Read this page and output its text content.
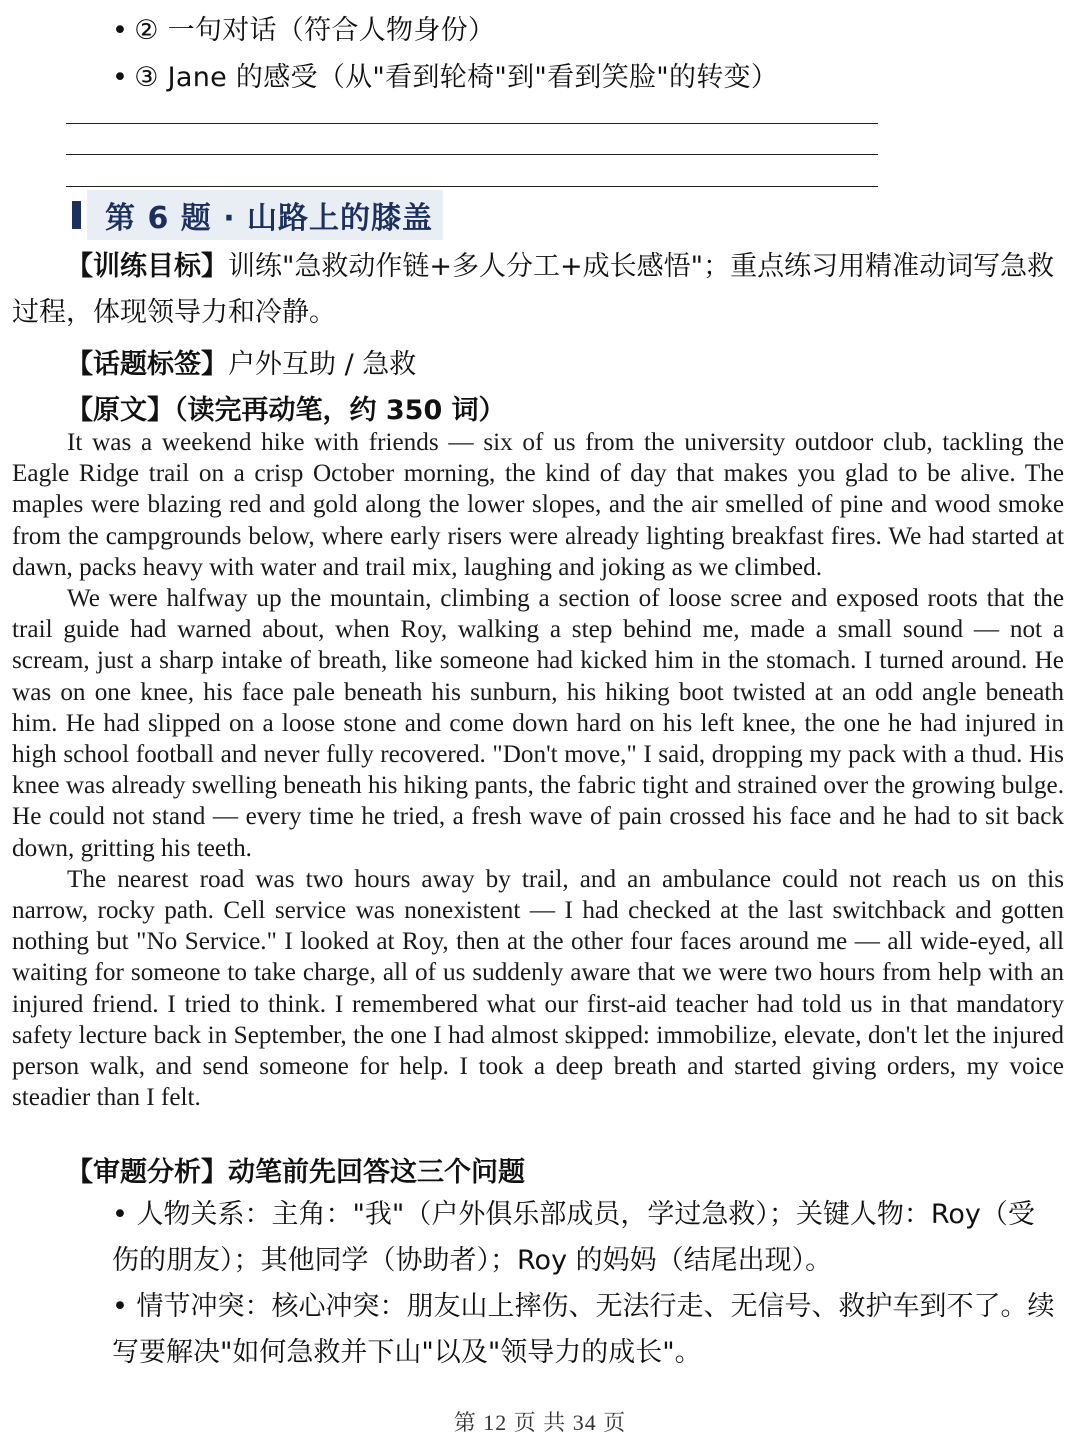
• ② 一句对话（符合人物身份）
• ③ Jane 的感受（从"看到轮椅"到"看到笑脸"的转变）
第 6 题 · 山路上的膝盖
【训练目标】训练"急救动作链+多人分工+成长感悟"；重点练习用精准动词写急救过程，体现领导力和冷静。
【话题标签】户外互助 / 急救
【原文】（读完再动笔，约 350 词）

It was a weekend hike with friends — six of us from the university outdoor club, tackling the Eagle Ridge trail on a crisp October morning, the kind of day that makes you glad to be alive. The maples were blazing red and gold along the lower slopes, and the air smelled of pine and wood smoke from the campgrounds below, where early risers were already lighting breakfast fires. We had started at dawn, packs heavy with water and trail mix, laughing and joking as we climbed.

We were halfway up the mountain, climbing a section of loose scree and exposed roots that the trail guide had warned about, when Roy, walking a step behind me, made a small sound — not a scream, just a sharp intake of breath, like someone had kicked him in the stomach. I turned around. He was on one knee, his face pale beneath his sunburn, his hiking boot twisted at an odd angle beneath him. He had slipped on a loose stone and come down hard on his left knee, the one he had injured in high school football and never fully recovered. "Don't move," I said, dropping my pack with a thud. His knee was already swelling beneath his hiking pants, the fabric tight and strained over the growing bulge. He could not stand — every time he tried, a fresh wave of pain crossed his face and he had to sit back down, gritting his teeth.

The nearest road was two hours away by trail, and an ambulance could not reach us on this narrow, rocky path. Cell service was nonexistent — I had checked at the last switchback and gotten nothing but "No Service." I looked at Roy, then at the other four faces around me — all wide-eyed, all waiting for someone to take charge, all of us suddenly aware that we were two hours from help with an injured friend. I tried to think. I remembered what our first-aid teacher had told us in that mandatory safety lecture back in September, the one I had almost skipped: immobilize, elevate, don't let the injured person walk, and send someone for help. I took a deep breath and started giving orders, my voice steadier than I felt.

【审题分析】动笔前先回答这三个问题
• 人物关系：主角："我"（户外俱乐部成员，学过急救）；关键人物：Roy（受伤的朋友）；其他同学（协助者）；Roy 的妈妈（结尾出现）。
• 情节冲突：核心冲突：朋友山上摔伤、无法行走、无信号、救护车到不了。续写要解决"如何急救并下山"以及"领导力的成长"。
第 12 页 共 34 页
